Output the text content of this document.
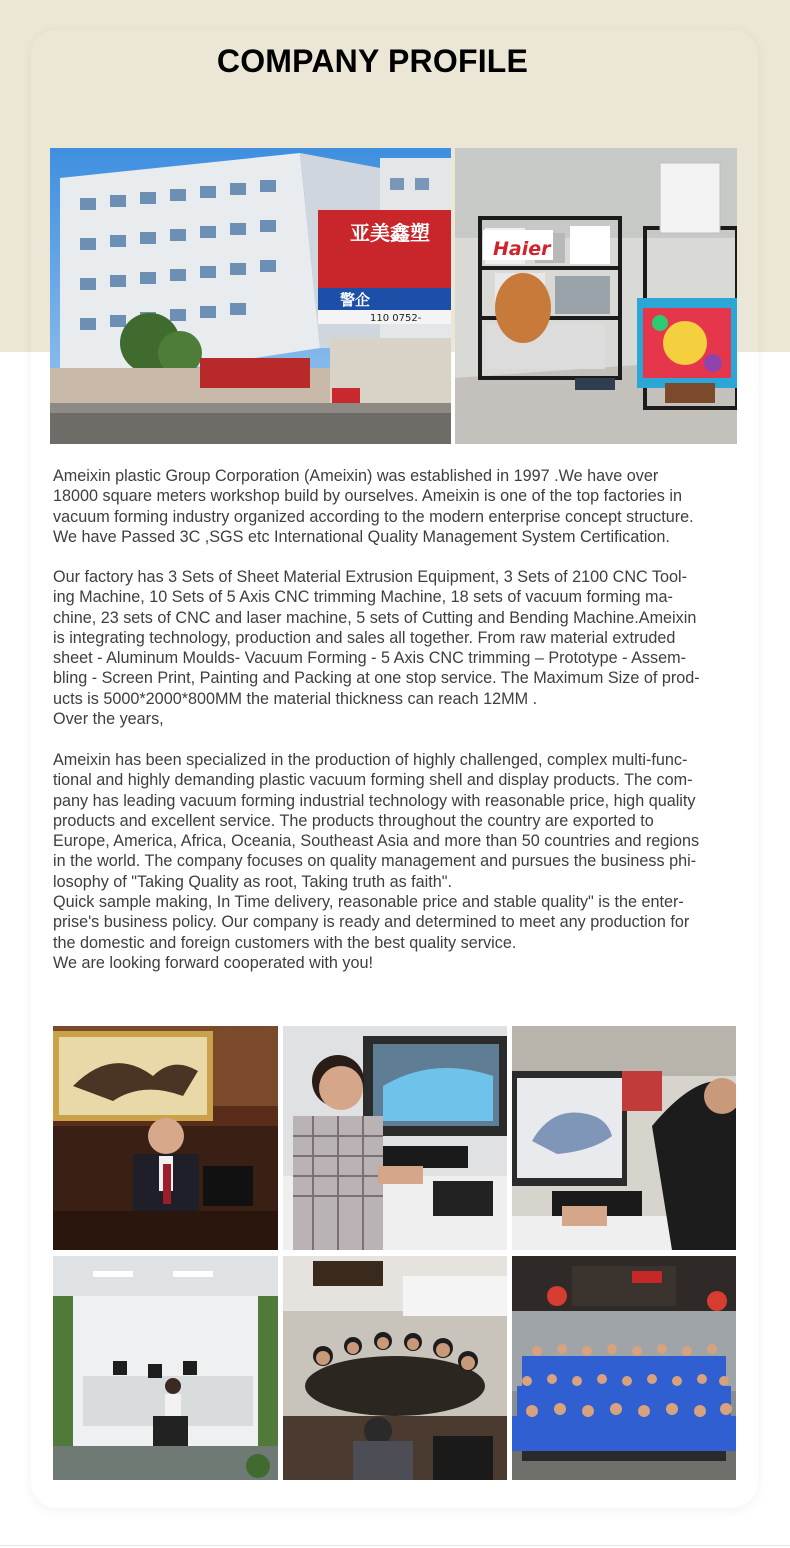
COMPANY PROFILE
亚美鑫塑
警企
110 0752-
Haier

Ameixin plastic Group Corporation (Ameixin) was established in 1997 .We have over
18000 square meters workshop build by ourselves. Ameixin is one of the top factories in
vacuum forming industry organized according to the modern enterprise concept structure.
We have Passed 3C ,SGS etc International Quality Management System Certification.

Our factory has 3 Sets of Sheet Material Extrusion Equipment, 3 Sets of 2100 CNC Tool-
ing Machine, 10 Sets of 5 Axis CNC trimming Machine, 18 sets of vacuum forming ma-
chine, 23 sets of CNC and laser machine, 5 sets of Cutting and Bending Machine.Ameixin
is integrating technology, production and sales all together. From raw material extruded
sheet - Aluminum Moulds- Vacuum Forming - 5 Axis CNC trimming – Prototype - Assem-
bling - Screen Print, Painting and Packing at one stop service. The Maximum Size of prod-
ucts is 5000*2000*800MM the material thickness can reach 12MM .
Over the years,

Ameixin has been specialized in the production of highly challenged, complex multi-func-
tional and highly demanding plastic vacuum forming shell and display products. The com-
pany has leading vacuum forming industrial technology with reasonable price, high quality
products and excellent service. The products throughout the country are exported to
Europe, America, Africa, Oceania, Southeast Asia and more than 50 countries and regions
in the world. The company focuses on quality management and pursues the business phi-
losophy of "Taking Quality as root, Taking truth as faith".
Quick sample making, In Time delivery, reasonable price and stable quality" is the enter-
prise's business policy. Our company is ready and determined to meet any production for
the domestic and foreign customers with the best quality service.
We are looking forward cooperated with you!
